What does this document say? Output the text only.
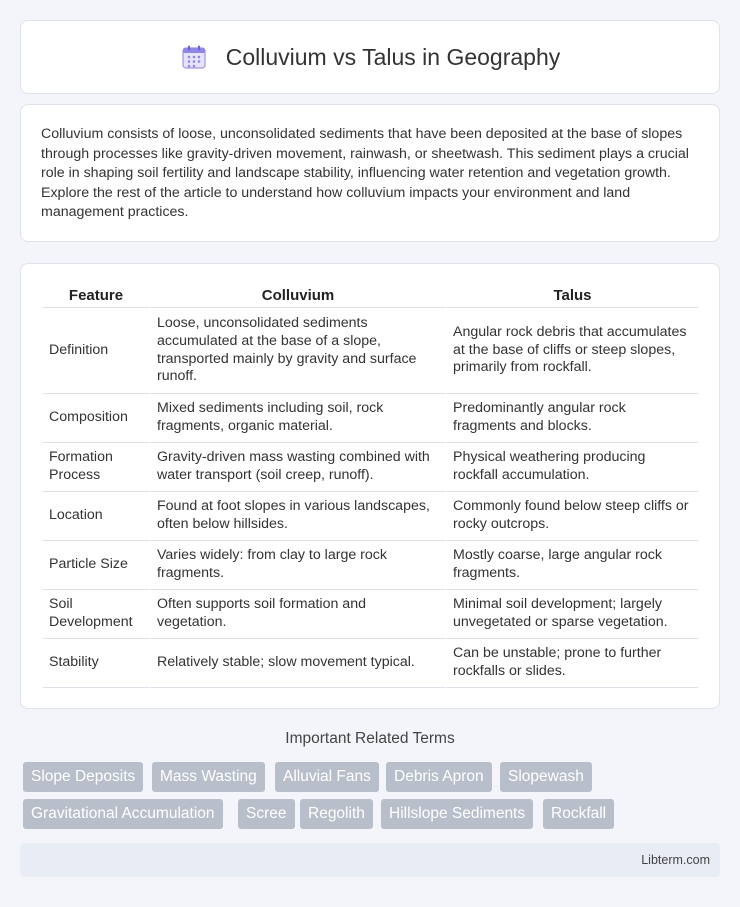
Colluvium vs Talus in Geography

Colluvium consists of loose, unconsolidated sediments that have been deposited at the base of slopes through processes like gravity-driven movement, rainwash, or sheetwash. This sediment plays a crucial role in shaping soil fertility and landscape stability, influencing water retention and vegetation growth. Explore the rest of the article to understand how colluvium impacts your environment and land management practices.

Feature	Colluvium	Talus
Definition	Loose, unconsolidated sediments accumulated at the base of a slope, transported mainly by gravity and surface runoff.	Angular rock debris that accumulates at the base of cliffs or steep slopes, primarily from rockfall.
Composition	Mixed sediments including soil, rock fragments, organic material.	Predominantly angular rock fragments and blocks.
Formation Process	Gravity-driven mass wasting combined with water transport (soil creep, runoff).	Physical weathering producing rockfall accumulation.
Location	Found at foot slopes in various landscapes, often below hillsides.	Commonly found below steep cliffs or rocky outcrops.
Particle Size	Varies widely: from clay to large rock fragments.	Mostly coarse, large angular rock fragments.
Soil Development	Often supports soil formation and vegetation.	Minimal soil development; largely unvegetated or sparse vegetation.
Stability	Relatively stable; slow movement typical.	Can be unstable; prone to further rockfalls or slides.
Important Related Terms
Slope Deposits	Mass Wasting	Alluvial Fans	Debris Apron	Slopewash
Gravitational Accumulation	Scree	Regolith	Hillslope Sediments	Rockfall
Libterm.com
